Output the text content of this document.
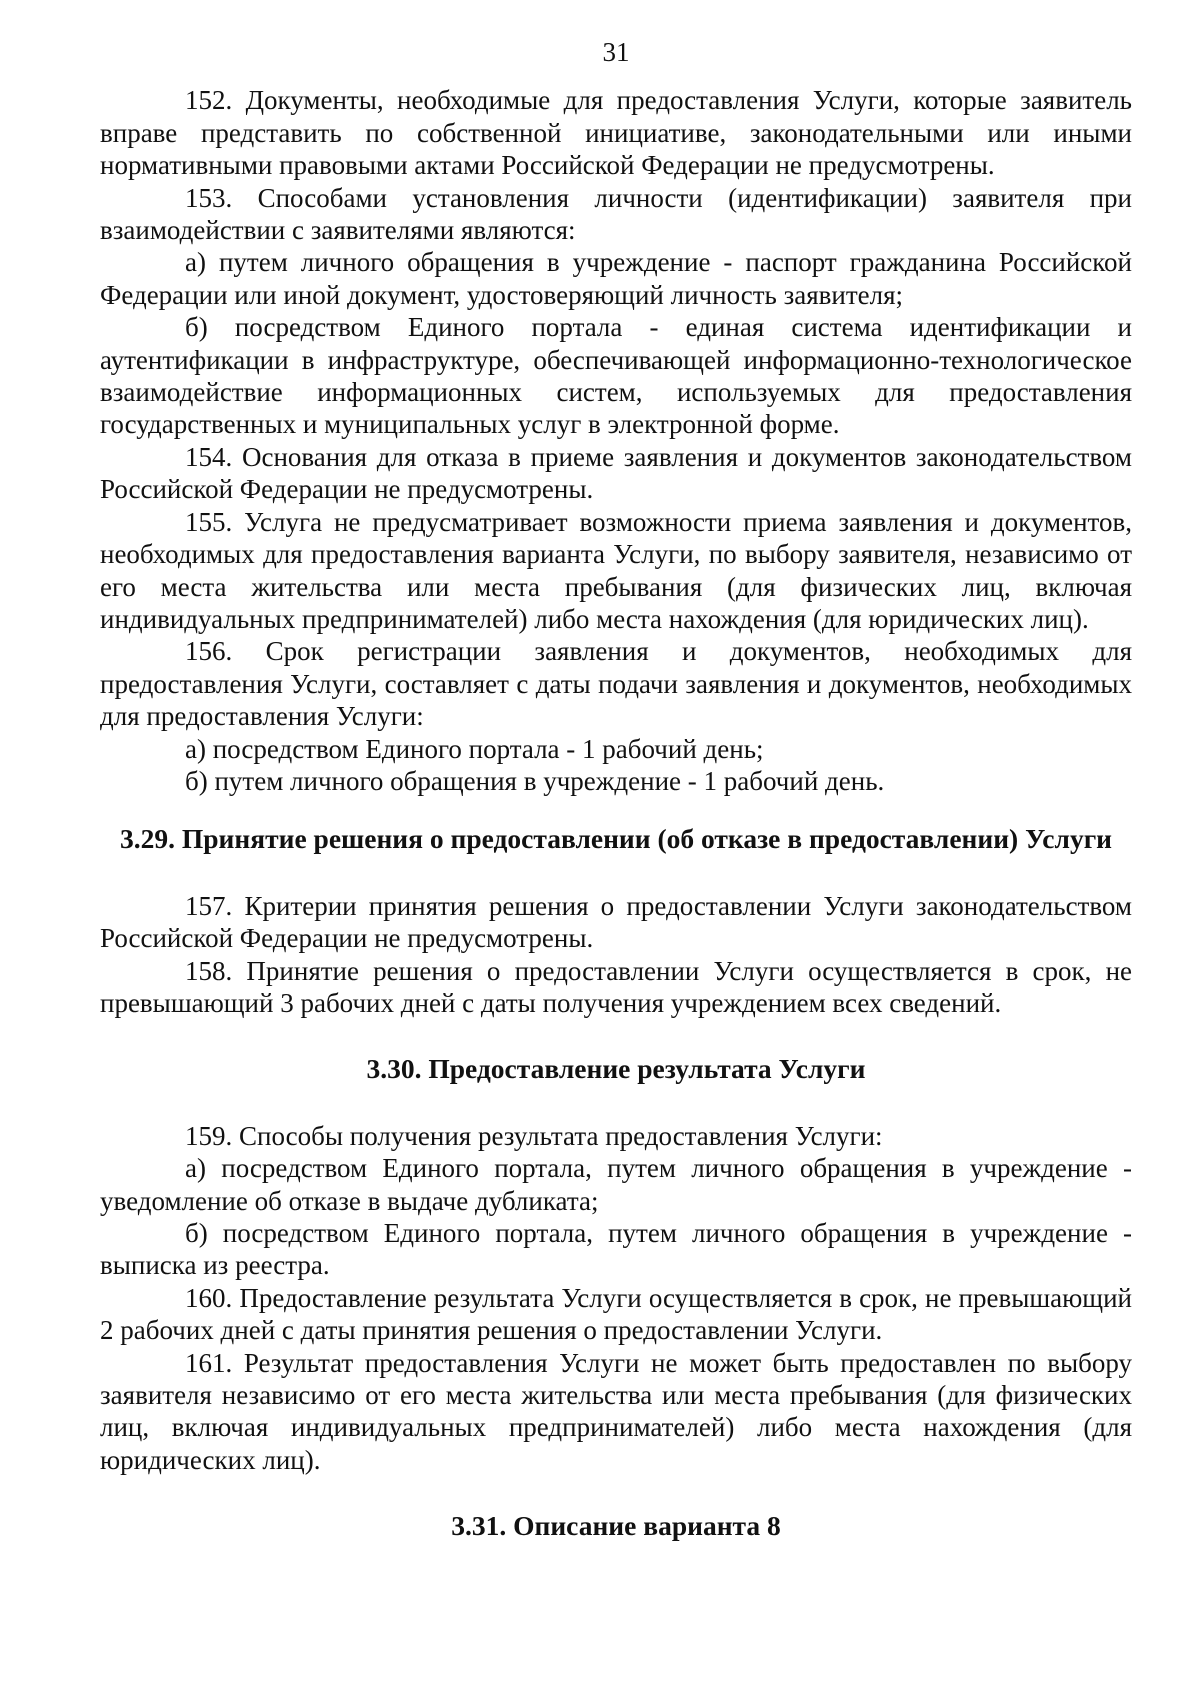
31

152. Документы, необходимые для предоставления Услуги, которые заявитель вправе представить по собственной инициативе, законодательными или иными нормативными правовыми актами Российской Федерации не предусмотрены.

153. Способами установления личности (идентификации) заявителя при взаимодействии с заявителями являются:

а) путем личного обращения в учреждение - паспорт гражданина Российской Федерации или иной документ, удостоверяющий личность заявителя;

б) посредством Единого портала - единая система идентификации и аутентификации в инфраструктуре, обеспечивающей информационно-технологическое взаимодействие информационных систем, используемых для предоставления государственных и муниципальных услуг в электронной форме.

154. Основания для отказа в приеме заявления и документов законодательством Российской Федерации не предусмотрены.

155. Услуга не предусматривает возможности приема заявления и документов, необходимых для предоставления варианта Услуги, по выбору заявителя, независимо от его места жительства или места пребывания (для физических лиц, включая индивидуальных предпринимателей) либо места нахождения (для юридических лиц).

156. Срок регистрации заявления и документов, необходимых для предоставления Услуги, составляет с даты подачи заявления и документов, необходимых для предоставления Услуги:

а) посредством Единого портала - 1 рабочий день;

б) путем личного обращения в учреждение - 1 рабочий день.

3.29. Принятие решения о предоставлении (об отказе в предоставлении) Услуги

157. Критерии принятия решения о предоставлении Услуги законодательством Российской Федерации не предусмотрены.

158. Принятие решения о предоставлении Услуги осуществляется в срок, не превышающий 3 рабочих дней с даты получения учреждением всех сведений.

3.30. Предоставление результата Услуги

159. Способы получения результата предоставления Услуги:

а) посредством Единого портала, путем личного обращения в учреждение - уведомление об отказе в выдаче дубликата;

б) посредством Единого портала, путем личного обращения в учреждение - выписка из реестра.

160. Предоставление результата Услуги осуществляется в срок, не превышающий 2 рабочих дней с даты принятия решения о предоставлении Услуги.

161. Результат предоставления Услуги не может быть предоставлен по выбору заявителя независимо от его места жительства или места пребывания (для физических лиц, включая индивидуальных предпринимателей) либо места нахождения (для юридических лиц).

3.31. Описание варианта 8
